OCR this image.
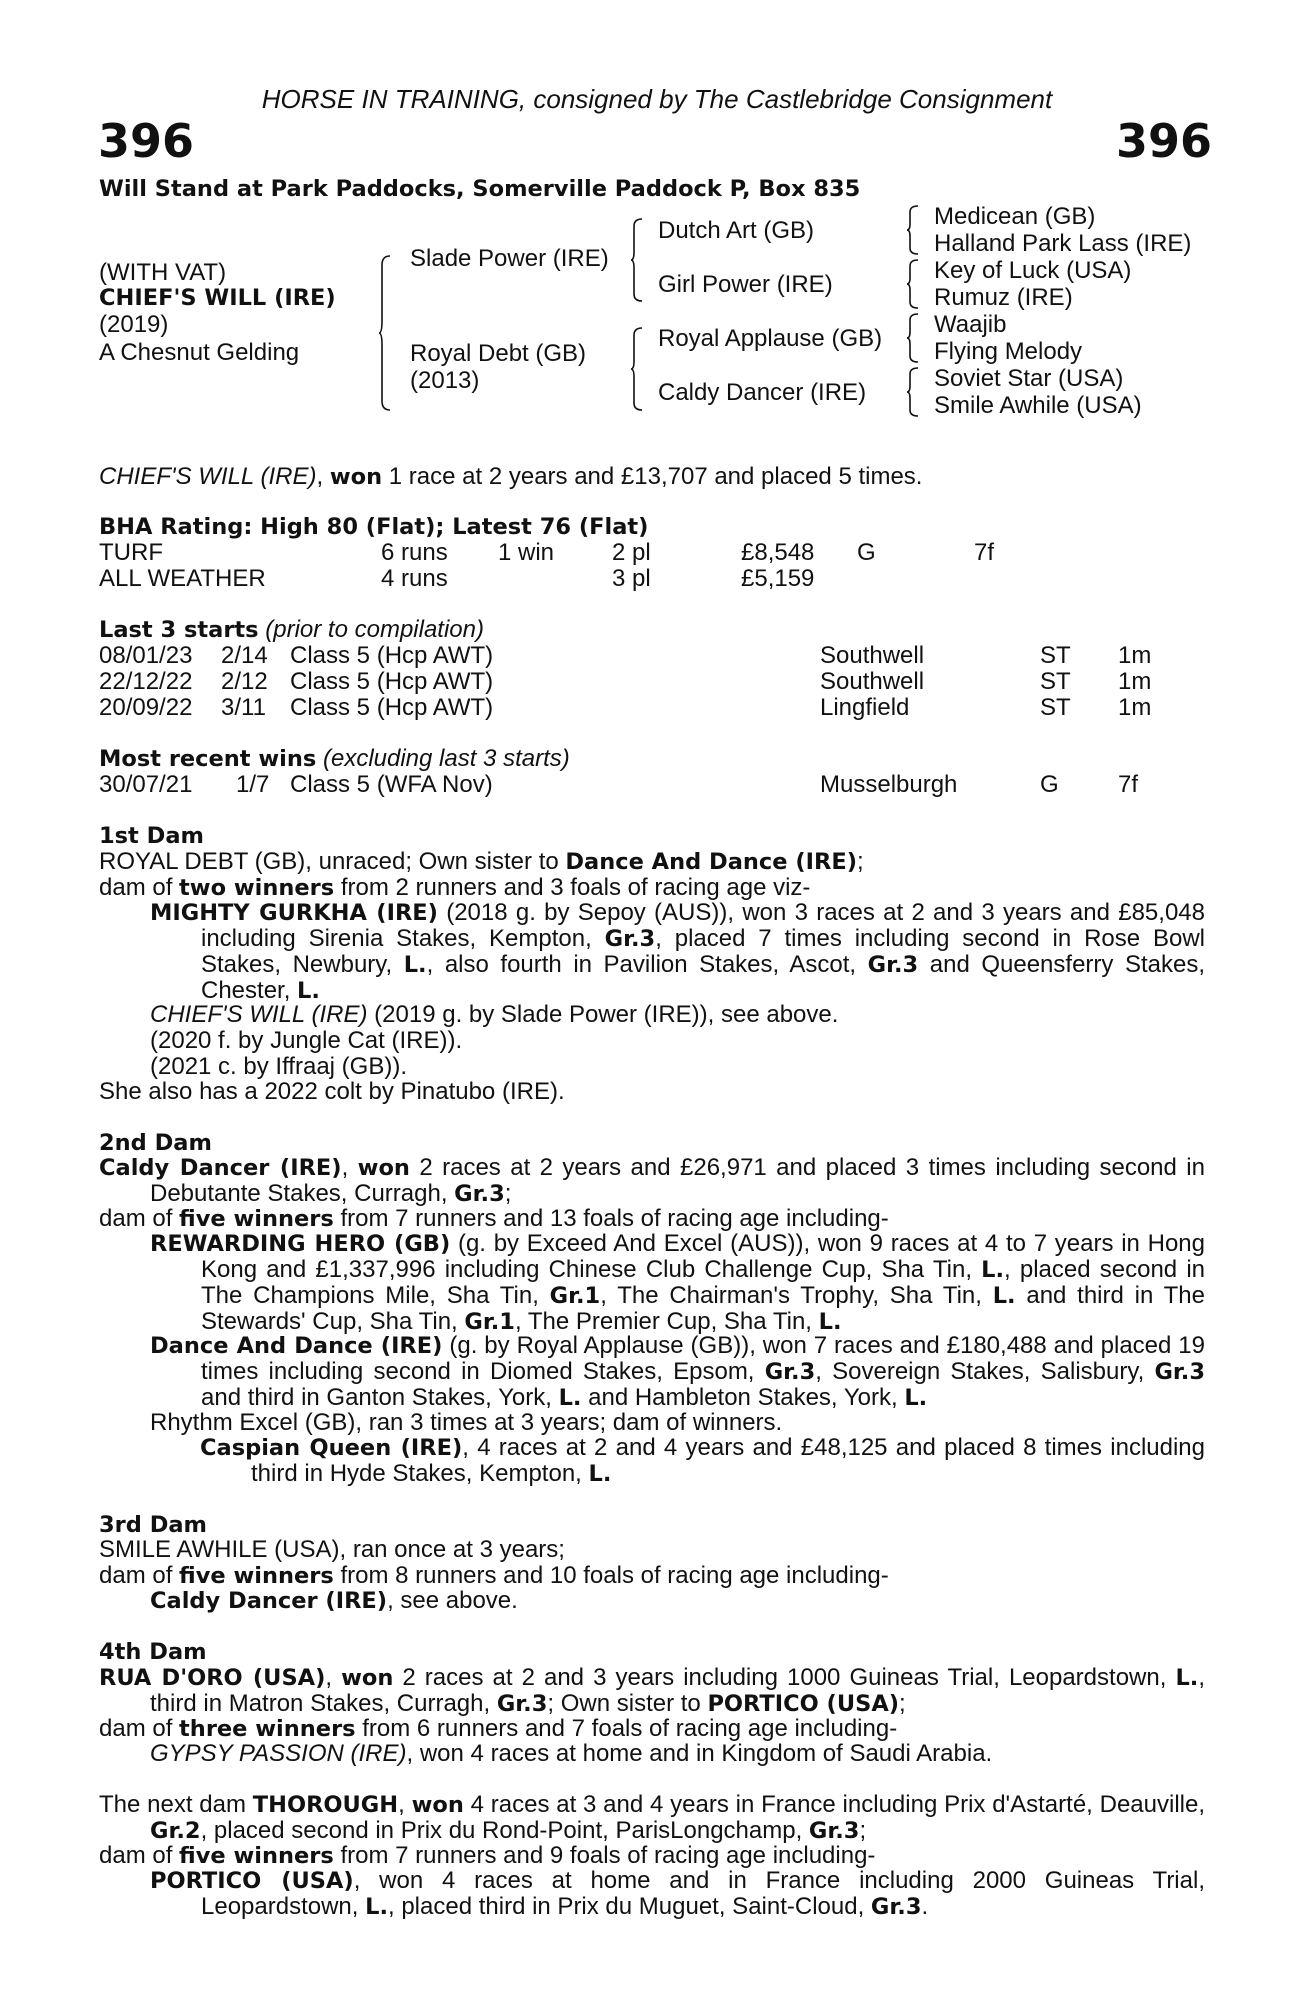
HORSE IN TRAINING, consigned by The Castlebridge Consignment
396	396
Will Stand at Park Paddocks, Somerville Paddock P, Box 835
(WITH VAT)
CHIEF'S WILL (IRE)
(2019)
A Chesnut Gelding
Slade Power (IRE)
Royal Debt (GB)
(2013)
Dutch Art (GB)
Girl Power (IRE)
Royal Applause (GB)
Caldy Dancer (IRE)
Medicean (GB)
Halland Park Lass (IRE)
Key of Luck (USA)
Rumuz (IRE)
Waajib
Flying Melody
Soviet Star (USA)
Smile Awhile (USA)
CHIEF'S WILL (IRE), won 1 race at 2 years and £13,707 and placed 5 times.
BHA Rating: High 80 (Flat); Latest 76 (Flat)
TURF	6 runs 1 win 2 pl	£8,548 G	7f
ALL WEATHER	4 runs	3 pl	£5,159
Last 3 starts (prior to compilation)
08/01/23 2/14 Class 5 (Hcp AWT)	Southwell	ST 1m
22/12/22 2/12 Class 5 (Hcp AWT)	Southwell	ST 1m
20/09/22 3/11 Class 5 (Hcp AWT)	Lingfield	ST 1m
Most recent wins (excluding last 3 starts)
30/07/21 1/7 Class 5 (WFA Nov)	Musselburgh	G 7f
1st Dam
ROYAL DEBT (GB), unraced; Own sister to Dance And Dance (IRE);
dam of two winners from 2 runners and 3 foals of racing age viz-
MIGHTY GURKHA (IRE) (2018 g. by Sepoy (AUS)), won 3 races at 2 and 3 years and £85,048 including Sirenia Stakes, Kempton, Gr.3, placed 7 times including second in Rose Bowl Stakes, Newbury, L., also fourth in Pavilion Stakes, Ascot, Gr.3 and Queensferry Stakes, Chester, L.
CHIEF'S WILL (IRE) (2019 g. by Slade Power (IRE)), see above.
(2020 f. by Jungle Cat (IRE)).
(2021 c. by Iffraaj (GB)).
She also has a 2022 colt by Pinatubo (IRE).
2nd Dam
Caldy Dancer (IRE), won 2 races at 2 years and £26,971 and placed 3 times including second in Debutante Stakes, Curragh, Gr.3;
dam of five winners from 7 runners and 13 foals of racing age including-
REWARDING HERO (GB) (g. by Exceed And Excel (AUS)), won 9 races at 4 to 7 years in Hong Kong and £1,337,996 including Chinese Club Challenge Cup, Sha Tin, L., placed second in The Champions Mile, Sha Tin, Gr.1, The Chairman's Trophy, Sha Tin, L. and third in The Stewards' Cup, Sha Tin, Gr.1, The Premier Cup, Sha Tin, L.
Dance And Dance (IRE) (g. by Royal Applause (GB)), won 7 races and £180,488 and placed 19 times including second in Diomed Stakes, Epsom, Gr.3, Sovereign Stakes, Salisbury, Gr.3 and third in Ganton Stakes, York, L. and Hambleton Stakes, York, L.
Rhythm Excel (GB), ran 3 times at 3 years; dam of winners.
Caspian Queen (IRE), 4 races at 2 and 4 years and £48,125 and placed 8 times including third in Hyde Stakes, Kempton, L.
3rd Dam
SMILE AWHILE (USA), ran once at 3 years;
dam of five winners from 8 runners and 10 foals of racing age including-
Caldy Dancer (IRE), see above.
4th Dam
RUA D'ORO (USA), won 2 races at 2 and 3 years including 1000 Guineas Trial, Leopardstown, L., third in Matron Stakes, Curragh, Gr.3; Own sister to PORTICO (USA);
dam of three winners from 6 runners and 7 foals of racing age including-
GYPSY PASSION (IRE), won 4 races at home and in Kingdom of Saudi Arabia.
The next dam THOROUGH, won 4 races at 3 and 4 years in France including Prix d'Astarté, Deauville, Gr.2, placed second in Prix du Rond-Point, ParisLongchamp, Gr.3;
dam of five winners from 7 runners and 9 foals of racing age including-
PORTICO (USA), won 4 races at home and in France including 2000 Guineas Trial, Leopardstown, L., placed third in Prix du Muguet, Saint-Cloud, Gr.3.
